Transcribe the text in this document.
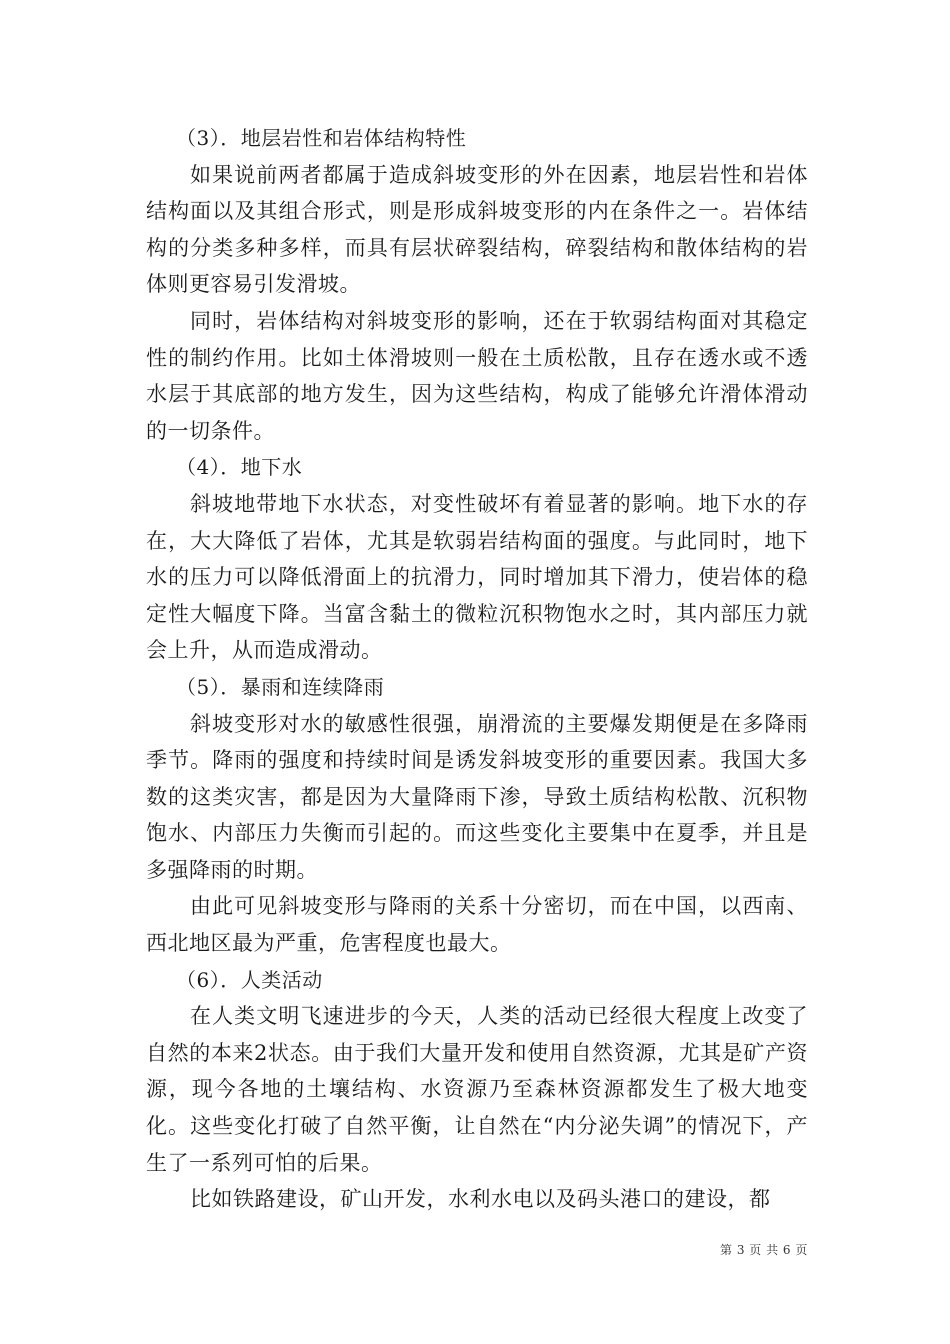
（3）．地层岩性和岩体结构特性

如果说前两者都属于造成斜坡变形的外在因素，地层岩性和岩体结构面以及其组合形式，则是形成斜坡变形的内在条件之一。岩体结构的分类多种多样，而具有层状碎裂结构，碎裂结构和散体结构的岩体则更容易引发滑坡。

同时，岩体结构对斜坡变形的影响，还在于软弱结构面对其稳定性的制约作用。比如土体滑坡则一般在土质松散，且存在透水或不透水层于其底部的地方发生，因为这些结构，构成了能够允许滑体滑动的一切条件。

（4）．地下水

斜坡地带地下水状态，对变性破坏有着显著的影响。地下水的存在，大大降低了岩体，尤其是软弱岩结构面的强度。与此同时，地下水的压力可以降低滑面上的抗滑力，同时增加其下滑力，使岩体的稳定性大幅度下降。当富含黏土的微粒沉积物饱水之时，其内部压力就会上升，从而造成滑动。

（5）．暴雨和连续降雨

斜坡变形对水的敏感性很强，崩滑流的主要爆发期便是在多降雨季节。降雨的强度和持续时间是诱发斜坡变形的重要因素。我国大多数的这类灾害，都是因为大量降雨下渗，导致土质结构松散、沉积物饱水、内部压力失衡而引起的。而这些变化主要集中在夏季，并且是多强降雨的时期。

由此可见斜坡变形与降雨的关系十分密切，而在中国，以西南、西北地区最为严重，危害程度也最大。

（6）．人类活动

在人类文明飞速进步的今天，人类的活动已经很大程度上改变了自然的本来2状态。由于我们大量开发和使用自然资源，尤其是矿产资源，现今各地的土壤结构、水资源乃至森林资源都发生了极大地变化。这些变化打破了自然平衡，让自然在“内分泌失调”的情况下，产生了一系列可怕的后果。

比如铁路建设，矿山开发，水利水电以及码头港口的建设，都

第 3 页 共 6 页
